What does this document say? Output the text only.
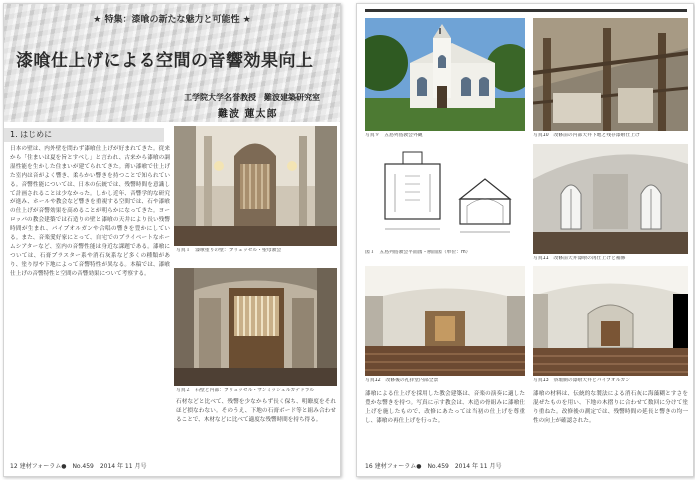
★ 特集：漆喰の新たな魅力と可能性 ★
漆喰仕上げによる空間の音響効果向上
工学院大学名誉教授　難波建築研究室
難波 蓮太郎
1. はじめに
日本の壁は、内外壁を問わず漆喰仕上げが好まれてきた。従来から「住まいは夏を旨とすべし」と言われ、古来から漆喰の調湿性能を生かした住まいが建てられてきた。薄い漆喰で仕上げた室内は音がよく響き、柔らかい響きを持つことで知られている。音響性能については、日本の伝統では、残響時間を意識して計画されることは少なかった。しかし近年、音響学的な研究が進み、ホールや教会など響きを重視する空間では、石や漆喰の仕上げが音響効果を高めることが明らかになってきた。ヨーロッパの教会建築では石造りの壁と漆喰の天井により長い残響時間が生まれ、パイプオルガンや合唱の響きを豊かにしている。また、音楽愛好家にとって、自宅でのプライベートなホームシアターなど、室内の音響性能は身近な課題である。漆喰については、石膏プラスター系や消石灰系など多くの種類があり、塗り厚や下地によって音響特性が異なる。本稿では、漆喰仕上げの音響特性と空間の音響効果について考察する。
写真１　漆喰塗りの壁：ブリュッセル・聖母教会
写真２　石壁と内部：ブリュッセル・サンミッシェルカテドラル
石材などと比べて、残響を少なからず長く保ち、明瞭度をそれほど損なわない。そのうえ、下地の石膏ボード等と組み合わせることで、木材などに比べて適度な残響時間を持ち得る。
12 建材フォーラム●　No.459　2014 年 11 月号
写真９　五島列島教会外観	写真10　改修前の内部天井下地と残存漆喰仕上げ
図１　五島列島教会平面図・断面図（単位：m）
写真11　改修前天井漆喰の再仕上げと補修
写真12　改修後の礼拝堂内部全景	写真13　祭壇側の漆喰天井とパイプオルガン
漆喰による仕上げを採用した教会建築は、音楽の演奏に適した豊かな響きを持つ。写真に示す教会は、木造の骨組みに漆喰仕上げを施したもので、改修にあたっては当初の仕上げを尊重し、漆喰の再仕上げを行った。
漆喰の材料は、伝統的な製法による消石灰に海藻糊とすさを混ぜたものを用い、下地の木摺りに合わせて数回に分けて塗り重ねた。改修後の測定では、残響時間の延長と響きの均一性の向上が確認された。
16 建材フォーラム●　No.459　2014 年 11 月号
